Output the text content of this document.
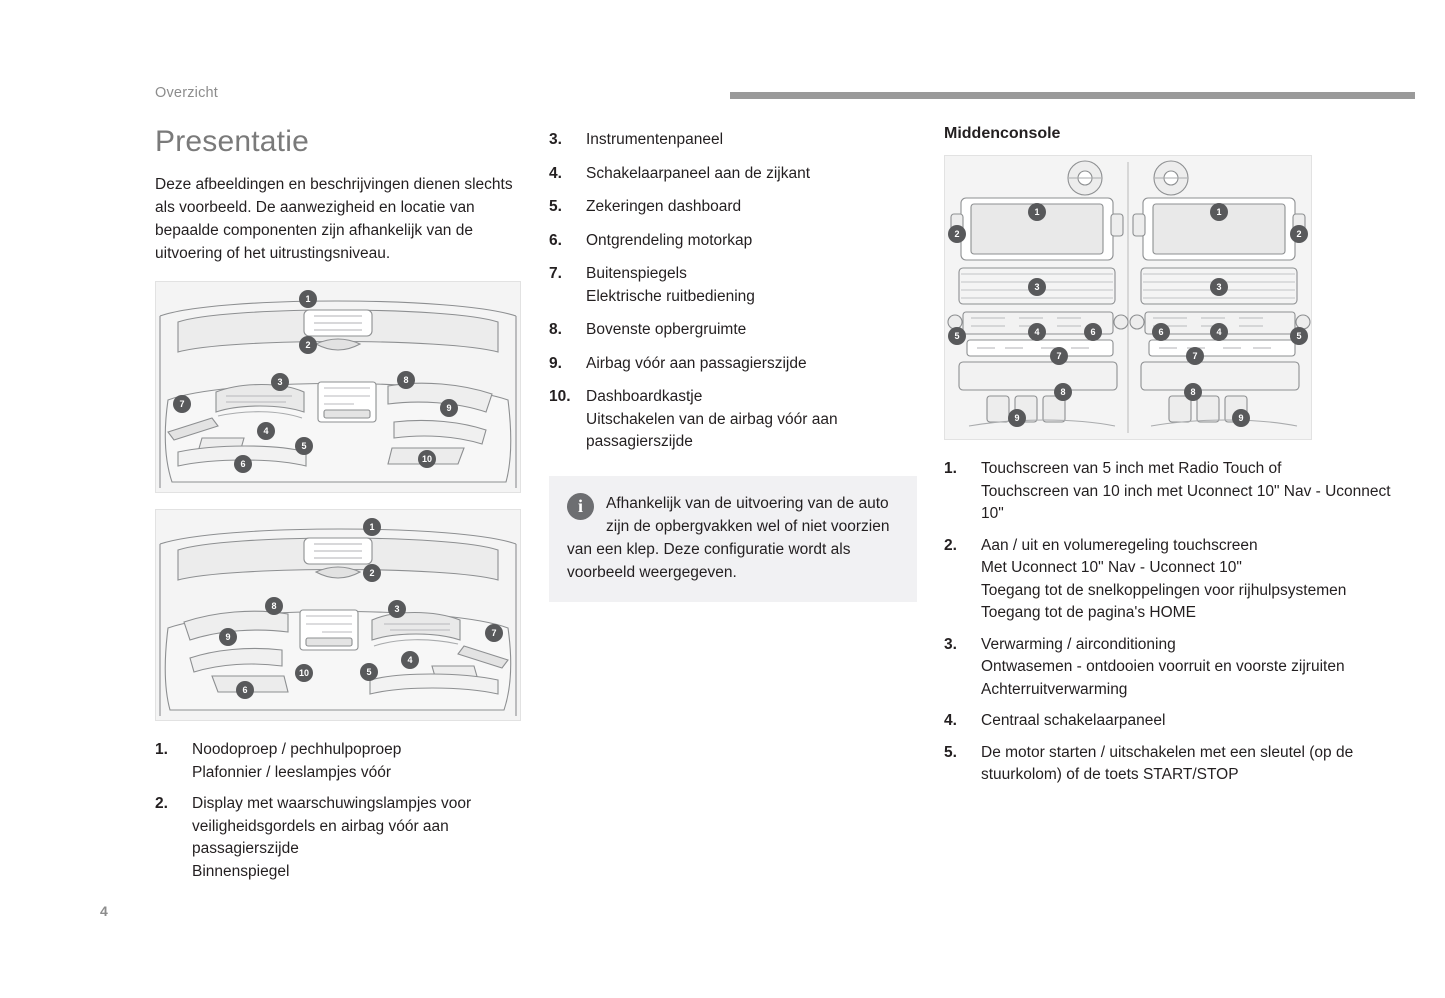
Overzicht
Presentatie

Deze afbeeldingen en beschrijvingen dienen slechts als voorbeeld. De aanwezigheid en locatie van bepaalde componenten zijn afhankelijk van de uitvoering of het uitrustingsniveau.

1
2
3
7
8
4
9
5
6	10
1
2
8	3
9	7
4
5
10
6
1. Noodoproep / pechhulpoproep
Plafonnier / leeslampjes vóór
2. Display met waarschuwingslampjes voor veiligheidsgordels en airbag vóór aan passagierszijde
Binnenspiegel
3. Instrumentenpaneel
4. Schakelaarpaneel aan de zijkant
5. Zekeringen dashboard
6. Ontgrendeling motorkap
7. Buitenspiegels
Elektrische ruitbediening
8. Bovenste opbergruimte
9. Airbag vóór aan passagierszijde
10. Dashboardkastje
Uitschakelen van de airbag vóór aan passagierszijde
i	Afhankelijk van de uitvoering van de auto zijn de opbergvakken wel of niet voorzien van een klep. Deze configuratie wordt als voorbeeld weergegeven.
Middenconsole
1
2
3
4
5	6
7
8
9
1
2
3
4	5
6
7
8
9
1. Touchscreen van 5 inch met Radio Touch of
Touchscreen van 10 inch met Uconnect 10" Nav - Uconnect 10"
2. Aan / uit en volumeregeling touchscreen
Met Uconnect 10" Nav - Uconnect 10"
Toegang tot de snelkoppelingen voor rijhulpsystemen
Toegang tot de pagina's HOME
3. Verwarming / airconditioning
Ontwasemen - ontdooien voorruit en voorste zijruiten
Achterruitverwarming
4. Centraal schakelaarpaneel
5. De motor starten / uitschakelen met een sleutel (op de stuurkolom) of de toets START/STOP
4
